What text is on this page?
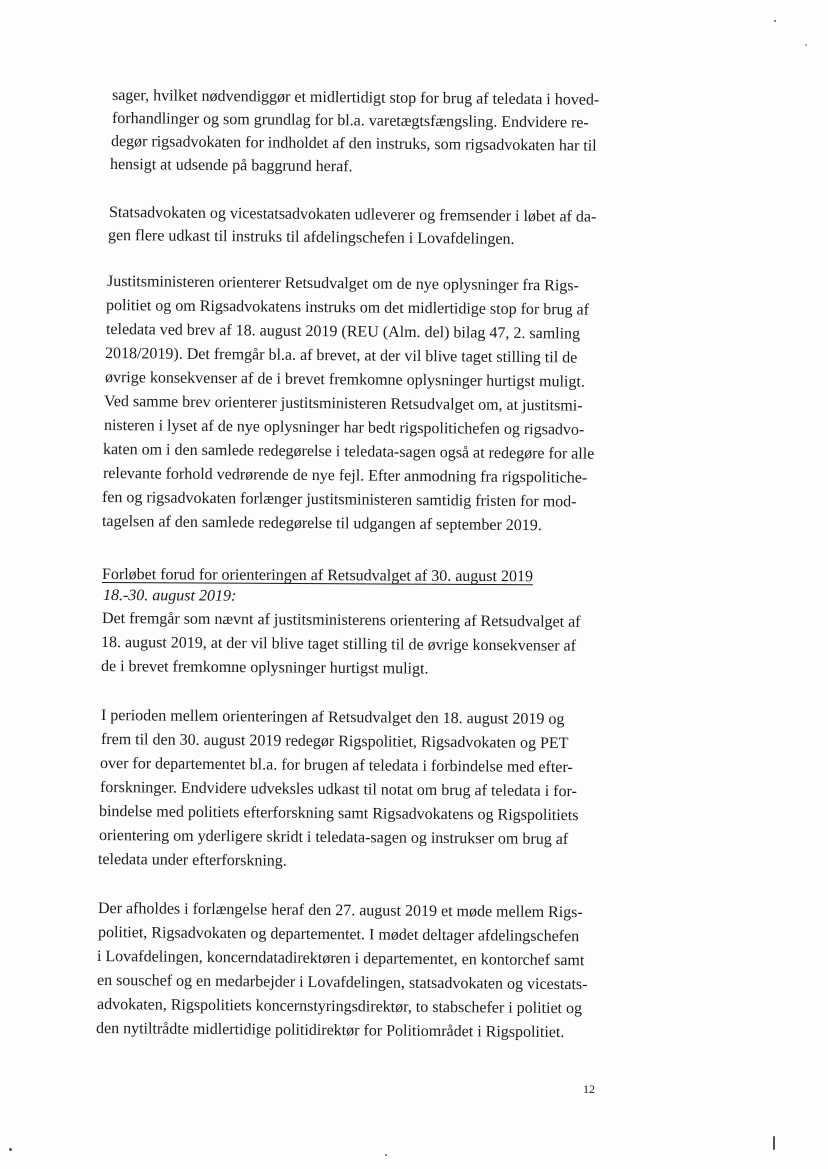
sager, hvilket nødvendiggør et midlertidigt stop for brug af teledata i hoved-
forhandlinger og som grundlag for bl.a. varetægtsfængsling. Endvidere re-
degør rigsadvokaten for indholdet af den instruks, som rigsadvokaten har til
hensigt at udsende på baggrund heraf.
Statsadvokaten og vicestatsadvokaten udleverer og fremsender i løbet af da-
gen flere udkast til instruks til afdelingschefen i Lovafdelingen.
Justitsministeren orienterer Retsudvalget om de nye oplysninger fra Rigs-
politiet og om Rigsadvokatens instruks om det midlertidige stop for brug af
teledata ved brev af 18. august 2019 (REU (Alm. del) bilag 47, 2. samling
2018/2019). Det fremgår bl.a. af brevet, at der vil blive taget stilling til de
øvrige konsekvenser af de i brevet fremkomne oplysninger hurtigst muligt.
Ved samme brev orienterer justitsministeren Retsudvalget om, at justitsmi-
nisteren i lyset af de nye oplysninger har bedt rigspolitichefen og rigsadvo-
katen om i den samlede redegørelse i teledata-sagen også at redegøre for alle
relevante forhold vedrørende de nye fejl. Efter anmodning fra rigspolitiche-
fen og rigsadvokaten forlænger justitsministeren samtidig fristen for mod-
tagelsen af den samlede redegørelse til udgangen af september 2019.
Forløbet forud for orienteringen af Retsudvalget af 30. august 2019
18.-30. august 2019:
Det fremgår som nævnt af justitsministerens orientering af Retsudvalget af
18. august 2019, at der vil blive taget stilling til de øvrige konsekvenser af
de i brevet fremkomne oplysninger hurtigst muligt.
I perioden mellem orienteringen af Retsudvalget den 18. august 2019 og
frem til den 30. august 2019 redegør Rigspolitiet, Rigsadvokaten og PET
over for departementet bl.a. for brugen af teledata i forbindelse med efter-
forskninger. Endvidere udveksles udkast til notat om brug af teledata i for-
bindelse med politiets efterforskning samt Rigsadvokatens og Rigspolitiets
orientering om yderligere skridt i teledata-sagen og instrukser om brug af
teledata under efterforskning.
Der afholdes i forlængelse heraf den 27. august 2019 et møde mellem Rigs-
politiet, Rigsadvokaten og departementet. I mødet deltager afdelingschefen
i Lovafdelingen, koncerndatadirektøren i departementet, en kontorchef samt
en souschef og en medarbejder i Lovafdelingen, statsadvokaten og vicestats-
advokaten, Rigspolitiets koncernstyringsdirektør, to stabschefer i politiet og
den nytiltrådte midlertidige politidirektør for Politiområdet i Rigspolitiet.
12
